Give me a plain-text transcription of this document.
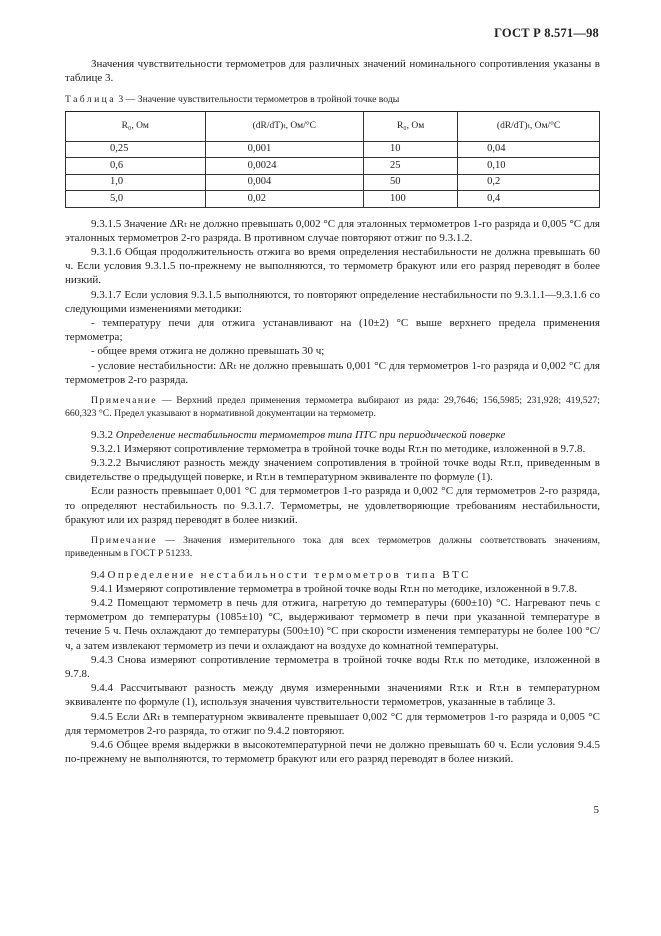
ГОСТ Р 8.571—98

Значения чувствительности термометров для различных значений номинального сопротивления указаны в таблице 3.

Таблица 3 — Значение чувствительности термометров в тройной точке воды

R₀, Ом	(dR/dT)ₜ, Ом/°С	R₀, Ом	(dR/dT)ₜ, Ом/°С
0,25	0,001	10	0,04
0,6	0,0024	25	0,10
1,0	0,004	50	0,2
5,0	0,02	100	0,4

9.3.1.5 Значение ΔRₜ не должно превышать 0,002 °С для эталонных термометров 1-го разряда и 0,005 °С для эталонных термометров 2-го разряда. В противном случае повторяют отжиг по 9.3.1.2.

9.3.1.6 Общая продолжительность отжига во время определения нестабильности не должна превышать 60 ч. Если условия 9.3.1.5 по-прежнему не выполняются, то термометр бракуют или его разряд переводят в более низкий.

9.3.1.7 Если условия 9.3.1.5 выполняются, то повторяют определение нестабильности по 9.3.1.1—9.3.1.6 со следующими изменениями методики:

- температуру печи для отжига устанавливают на (10±2) °С выше верхнего предела применения термометра;

- общее время отжига не должно превышать 30 ч;

- условие нестабильности: ΔRₜ не должно превышать 0,001 °С для термометров 1-го разряда и 0,002 °С для термометров 2-го разряда.

Примечание — Верхний предел применения термометра выбирают из ряда: 29,7646; 156,5985; 231,928; 419,527; 660,323 °С. Предел указывают в нормативной документации на термометр.

9.3.2 Определение нестабильности термометров типа ПТС при периодической поверке

9.3.2.1 Измеряют сопротивление термометра в тройной точке воды Rт.н по методике, изложенной в 9.7.8.

9.3.2.2 Вычисляют разность между значением сопротивления в тройной точке воды Rт.п, приведенным в свидетельстве о предыдущей поверке, и Rт.н в температурном эквиваленте по формуле (1).

Если разность превышает 0,001 °С для термометров 1-го разряда и 0,002 °С для термометров 2-го разряда, то определяют нестабильность по 9.3.1.7. Термометры, не удовлетворяющие требованиям нестабильности, бракуют или их разряд переводят в более низкий.

Примечание — Значения измерительного тока для всех термометров должны соответствовать значениям, приведенным в ГОСТ Р 51233.

9.4 Определение нестабильности термометров типа ВТС

9.4.1 Измеряют сопротивление термометра в тройной точке воды Rт.н по методике, изложенной в 9.7.8.

9.4.2 Помещают термометр в печь для отжига, нагретую до температуры (600±10) °С. Нагревают печь с термометром до температуры (1085±10) °С, выдерживают термометр в печи при указанной температуре в течение 5 ч. Печь охлаждают до температуры (500±10) °С при скорости изменения температуры не более 100 °С/ч, а затем извлекают термометр из печи и охлаждают на воздухе до комнатной температуры.

9.4.3 Снова измеряют сопротивление термометра в тройной точке воды Rт.к по методике, изложенной в 9.7.8.

9.4.4 Рассчитывают разность между двумя измеренными значениями Rт.к и Rт.н в температурном эквиваленте по формуле (1), используя значения чувствительности термометров, указанные в таблице 3.

9.4.5 Если ΔRₜ в температурном эквиваленте превышает 0,002 °С для термометров 1-го разряда и 0,005 °С для термометров 2-го разряда, то отжиг по 9.4.2 повторяют.

9.4.6 Общее время выдержки в высокотемпературной печи не должно превышать 60 ч. Если условия 9.4.5 по-прежнему не выполняются, то термометр бракуют или его разряд переводят в более низкий.

5
